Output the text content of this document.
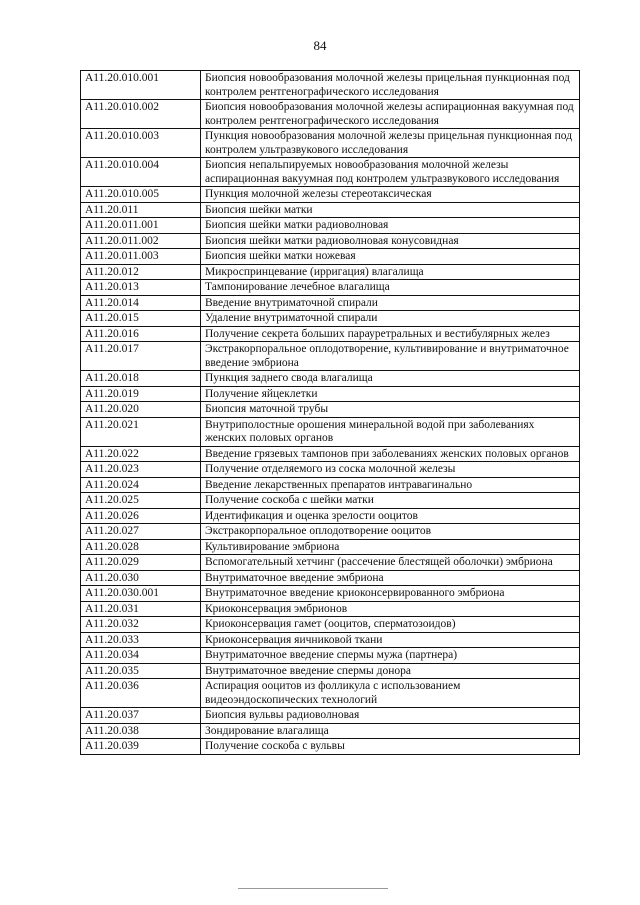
84
A11.20.010.001	Биопсия новообразования молочной железы прицельная пункционная под контролем рентгенографического исследования
A11.20.010.002	Биопсия новообразования молочной железы аспирационная вакуумная под контролем рентгенографического исследования
A11.20.010.003	Пункция новообразования молочной железы прицельная пункционная под контролем ультразвукового исследования
A11.20.010.004	Биопсия непальпируемых новообразования молочной железы аспирационная вакуумная под контролем ультразвукового исследования
A11.20.010.005	Пункция молочной железы стереотаксическая
A11.20.011	Биопсия шейки матки
A11.20.011.001	Биопсия шейки матки радиоволновая
A11.20.011.002	Биопсия шейки матки радиоволновая конусовидная
A11.20.011.003	Биопсия шейки матки ножевая
A11.20.012	Микроспринцевание (ирригация) влагалища
A11.20.013	Тампонирование лечебное влагалища
A11.20.014	Введение внутриматочной спирали
A11.20.015	Удаление внутриматочной спирали
A11.20.016	Получение секрета больших парауретральных и вестибулярных желез
A11.20.017	Экстракорпоральное оплодотворение, культивирование и внутриматочное введение эмбриона
A11.20.018	Пункция заднего свода влагалища
A11.20.019	Получение яйцеклетки
A11.20.020	Биопсия маточной трубы
A11.20.021	Внутриполостные орошения минеральной водой при заболеваниях женских половых органов
A11.20.022	Введение грязевых тампонов при заболеваниях женских половых органов
A11.20.023	Получение отделяемого из соска молочной железы
A11.20.024	Введение лекарственных препаратов интравагинально
A11.20.025	Получение соскоба с шейки матки
A11.20.026	Идентификация и оценка зрелости ооцитов
A11.20.027	Экстракорпоральное оплодотворение ооцитов
A11.20.028	Культивирование эмбриона
A11.20.029	Вспомогательный хетчинг (рассечение блестящей оболочки) эмбриона
A11.20.030	Внутриматочное введение эмбриона
A11.20.030.001	Внутриматочное введение криоконсервированного эмбриона
A11.20.031	Криоконсервация эмбрионов
A11.20.032	Криоконсервация гамет (ооцитов, сперматозоидов)
A11.20.033	Криоконсервация яичниковой ткани
A11.20.034	Внутриматочное введение спермы мужа (партнера)
A11.20.035	Внутриматочное введение спермы донора
A11.20.036	Аспирация ооцитов из фолликула с использованием видеоэндоскопических технологий
A11.20.037	Биопсия вульвы радиоволновая
A11.20.038	Зондирование влагалища
A11.20.039	Получение соскоба с вульвы
